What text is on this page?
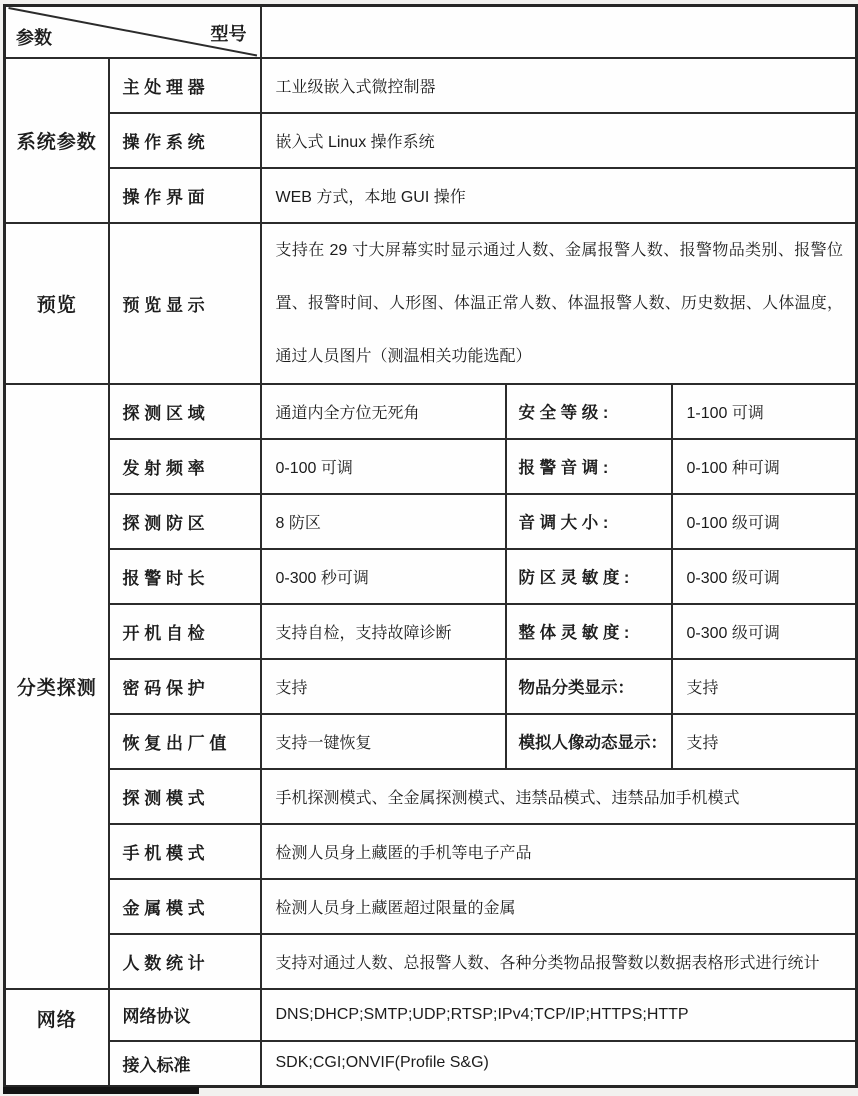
参数 型号				

系统参数	主 处 理 器	工业级嵌入式微控制器		
	操 作 系 统	嵌入式 Linux 操作系统		
	操 作 界 面	WEB 方式，本地 GUI 操作		
预览	预 览 显 示	支持在 29 寸大屏幕实时显示通过人数、金属报警人数、报警物品类别、报警位置、报警时间、人形图、体温正常人数、体温报警人数、历史数据、人体温度，通过人员图片（测温相关功能选配）		
分类探测	探 测 区 域	通道内全方位无死角	安 全 等 级 :	1-100 可调
	发 射 频 率	0-100 可调	报 警 音 调 :	0-100 种可调
	探 测 防 区	8 防区	音 调 大 小 :	0-100 级可调
	报 警 时 长	0-300 秒可调	防 区 灵 敏 度 :	0-300 级可调
	开 机 自 检	支持自检，支持故障诊断	整 体 灵 敏 度 :	0-300 级可调
	密 码 保 护	支持	物品分类显示：	支持
	恢 复 出 厂 值	支持一键恢复	模拟人像动态显示：	支持
	探 测 模 式	手机探测模式、全金属探测模式、违禁品模式、违禁品加手机模式		
	手 机 模 式	检测人员身上藏匿的手机等电子产品		
	金 属 模 式	检测人员身上藏匿超过限量的金属		
	人 数 统 计	支持对通过人数、总报警人数、各种分类物品报警数以数据表格形式进行统计		
网络	网络协议	DNS;DHCP;SMTP;UDP;RTSP;IPv4;TCP/IP;HTTPS;HTTP		
	接入标准	SDK;CGI;ONVIF(Profile S&G)		
